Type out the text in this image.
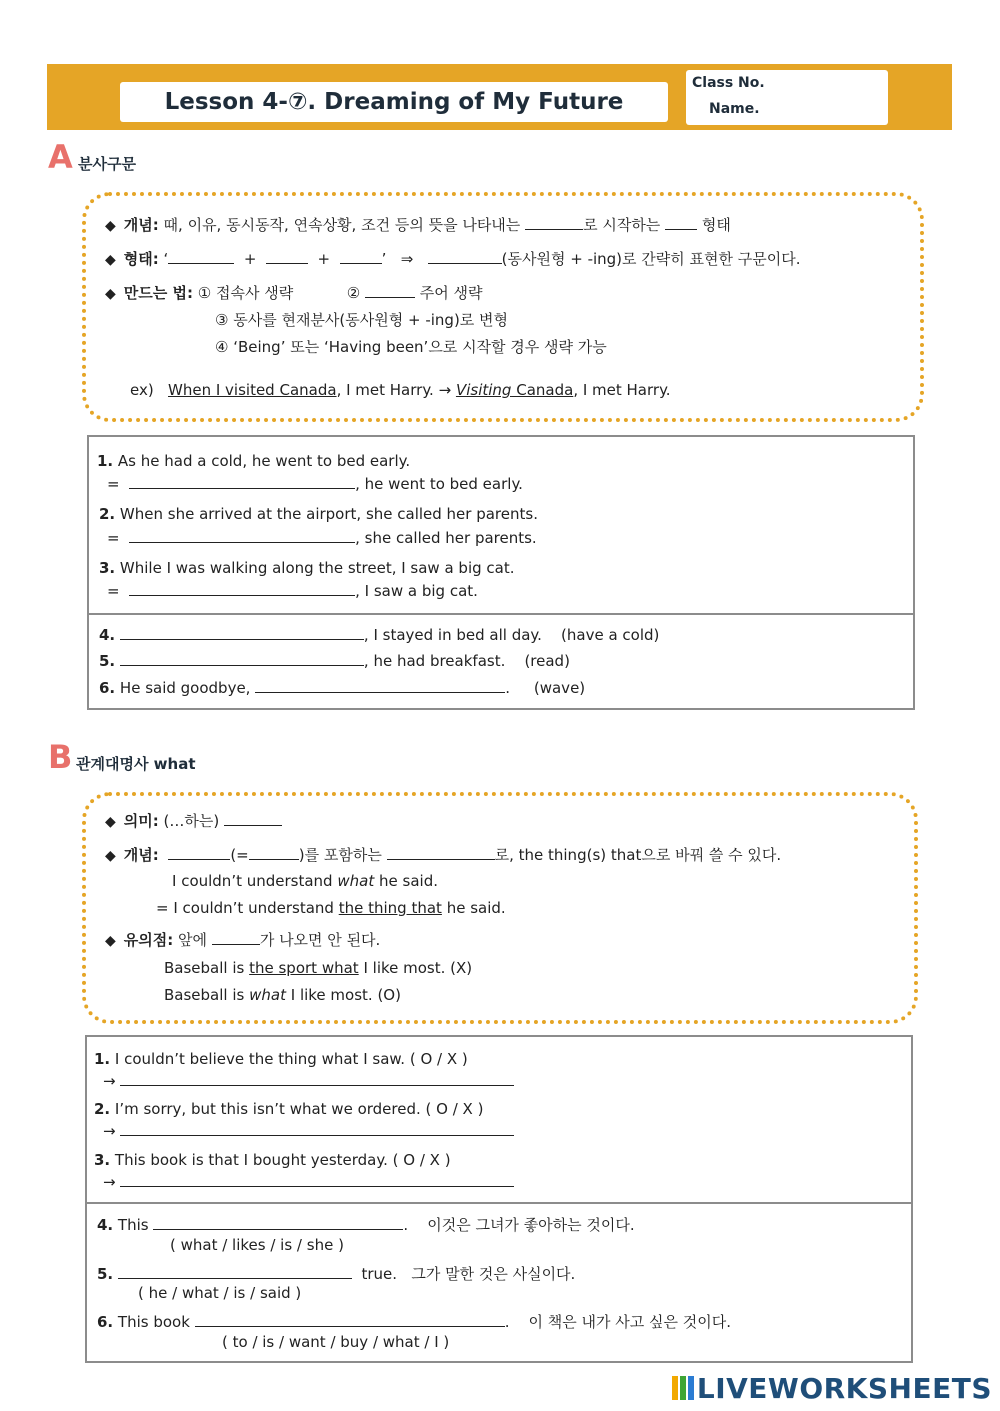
Lesson 4-⑦. Dreaming of My Future
Class No.
Name.
A 분사구문
◆ 개념: 때, 이유, 동시동작, 연속상황, 조건 등의 뜻을 나타내는	로 시작하는	형태
◆ 형태: ‘	+	+	’ ⇒	(동사원형 + -ing)로 간략히 표현한 구문이다.
◆ 만드는 법: ① 접속사 생략	②	주어 생략
③ 동사를 현재분사(동사원형 + -ing)로 변형
④ ‘Being’ 또는 ‘Having been’으로 시작할 경우 생략 가능
ex) When I visited Canada, I met Harry. → Visiting Canada, I met Harry.
1. As he had a cold, he went to bed early.
=	, he went to bed early.
2. When she arrived at the airport, she called her parents.
=	, she called her parents.
3. While I was walking along the street, I saw a big cat.
=	, I saw a big cat.
4.	, I stayed in bed all day. (have a cold)
5.	, he had breakfast. (read)
6. He said goodbye,	. (wave)
B 관계대명사 what
◆ 의미: (…하는)
◆ 개념:	(=	)를 포함하는	로, the thing(s) that으로 바꿔 쓸 수 있다.
I couldn’t understand what he said.
= I couldn’t understand the thing that he said.
◆ 유의점: 앞에	가 나오면 안 된다.
Baseball is the sport what I like most. (X)
Baseball is what I like most. (O)
1. I couldn’t believe the thing what I saw. ( O / X )
→
2. I’m sorry, but this isn’t what we ordered. ( O / X )
→
3. This book is that I bought yesterday. ( O / X )
→
4. This	. 이것은 그녀가 좋아하는 것이다.
( what / likes / is / she )
5.	true. 그가 말한 것은 사실이다.
( he / what / is / said )
6. This book	. 이 책은 내가 사고 싶은 것이다.
( to / is / want / buy / what / I )
LIVEWORKSHEETS
